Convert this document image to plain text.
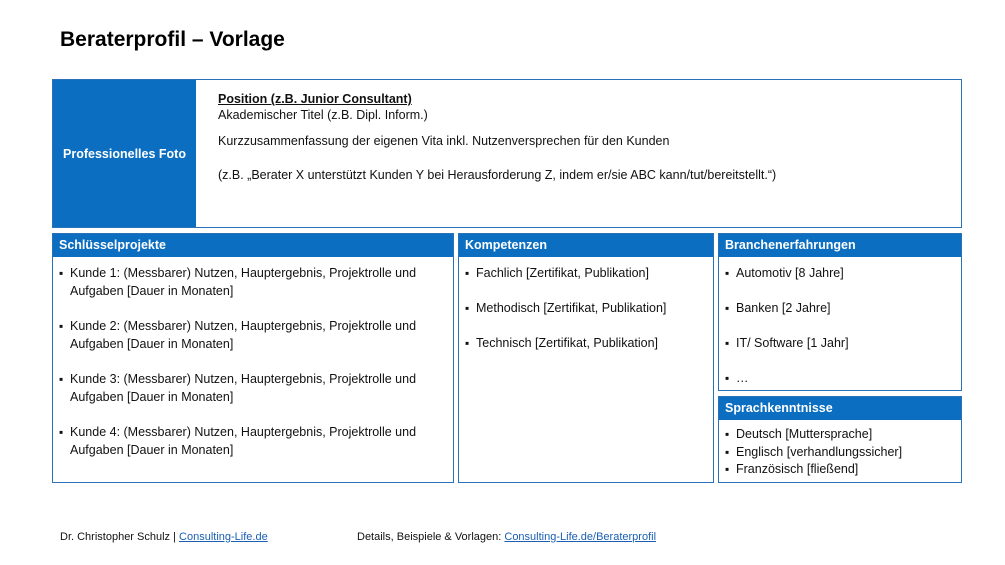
Beraterprofil – Vorlage
Professionelles Foto
Position (z.B. Junior Consultant)
Akademischer Titel (z.B. Dipl. Inform.)
Kurzzusammenfassung der eigenen Vita inkl. Nutzenversprechen für den Kunden
(z.B. „Berater X unterstützt Kunden Y bei Herausforderung Z, indem er/sie ABC kann/tut/bereitstellt.“)
Schlüsselprojekte
▪ Kunde 1: (Messbarer) Nutzen, Hauptergebnis, Projektrolle und Aufgaben [Dauer in Monaten]
▪ Kunde 2: (Messbarer) Nutzen, Hauptergebnis, Projektrolle und Aufgaben [Dauer in Monaten]
▪ Kunde 3: (Messbarer) Nutzen, Hauptergebnis, Projektrolle und Aufgaben [Dauer in Monaten]
▪ Kunde 4: (Messbarer) Nutzen, Hauptergebnis, Projektrolle und Aufgaben [Dauer in Monaten]
Kompetenzen
▪ Fachlich [Zertifikat, Publikation]
▪ Methodisch [Zertifikat, Publikation]
▪ Technisch [Zertifikat, Publikation]
Branchenerfahrungen
▪ Automotiv [8 Jahre]
▪ Banken [2 Jahre]
▪ IT/ Software [1 Jahr]
▪ …
Sprachkenntnisse
▪ Deutsch [Muttersprache]
▪ Englisch [verhandlungssicher]
▪ Französisch [fließend]
Dr. Christopher Schulz | Consulting-Life.de	Details, Beispiele & Vorlagen: Consulting-Life.de/Beraterprofil
